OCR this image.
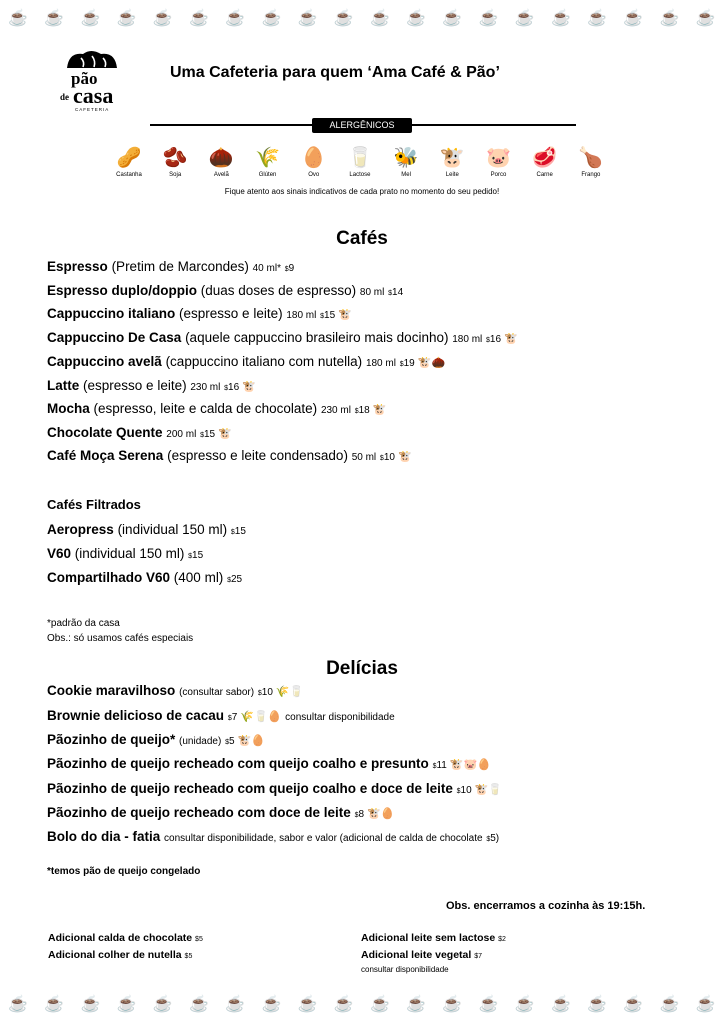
☕ ☕ ☕ ☕ ☕ ☕ ☕ ☕ ☕ ☕ ☕ ☕ ☕ ☕ ☕ ☕ ☕ ☕ ☕ ☕
pão
de casa
CAFETERIA
Uma Cafeteria para quem ‘Ama Café & Pão’
ALERGÊNICOS
🥜
Castanha
🫘
Soja
🌰
Avelã
🌾
Glúten
🥚
Ovo
🥛
Lactose
🐝
Mel
🐮
Leite
🐷
Porco
🥩
Carne
🍗
Frango
Fique atento aos sinais indicativos de cada prato no momento do seu pedido!
Cafés
Espresso (Pretim de Marcondes) 40 ml* $9
Espresso duplo/doppio (duas doses de espresso) 80 ml $14
Cappuccino italiano (espresso e leite) 180 ml $15 🐮
Cappuccino De Casa (aquele cappuccino brasileiro mais docinho) 180 ml $16 🐮
Cappuccino avelã (cappuccino italiano com nutella) 180 ml $19 🐮🌰
Latte (espresso e leite) 230 ml $16 🐮
Mocha (espresso, leite e calda de chocolate) 230 ml $18 🐮
Chocolate Quente 200 ml $15 🐮
Café Moça Serena (espresso e leite condensado) 50 ml $10 🐮
Cafés Filtrados
Aeropress (individual 150 ml) $15
V60 (individual 150 ml) $15
Compartilhado V60 (400 ml) $25
*padrão da casa
Obs.: só usamos cafés especiais
Delícias
Cookie maravilhoso (consultar sabor) $10 🌾🥛
Brownie delicioso de cacau $7 🌾🥛🥚 consultar disponibilidade
Pãozinho de queijo* (unidade) $5 🐮🥚
Pãozinho de queijo recheado com queijo coalho e presunto $11 🐮🐷🥚
Pãozinho de queijo recheado com queijo coalho e doce de leite $10 🐮🥛
Pãozinho de queijo recheado com doce de leite $8 🐮🥚
Bolo do dia - fatia consultar disponibilidade, sabor e valor (adicional de calda de chocolate $5)
*temos pão de queijo congelado
Obs. encerramos a cozinha às 19:15h.
Adicional calda de chocolate $5
Adicional colher de nutella $5
Adicional leite sem lactose $2
Adicional leite vegetal $7
consultar disponibilidade
☕ ☕ ☕ ☕ ☕ ☕ ☕ ☕ ☕ ☕ ☕ ☕ ☕ ☕ ☕ ☕ ☕ ☕ ☕ ☕
